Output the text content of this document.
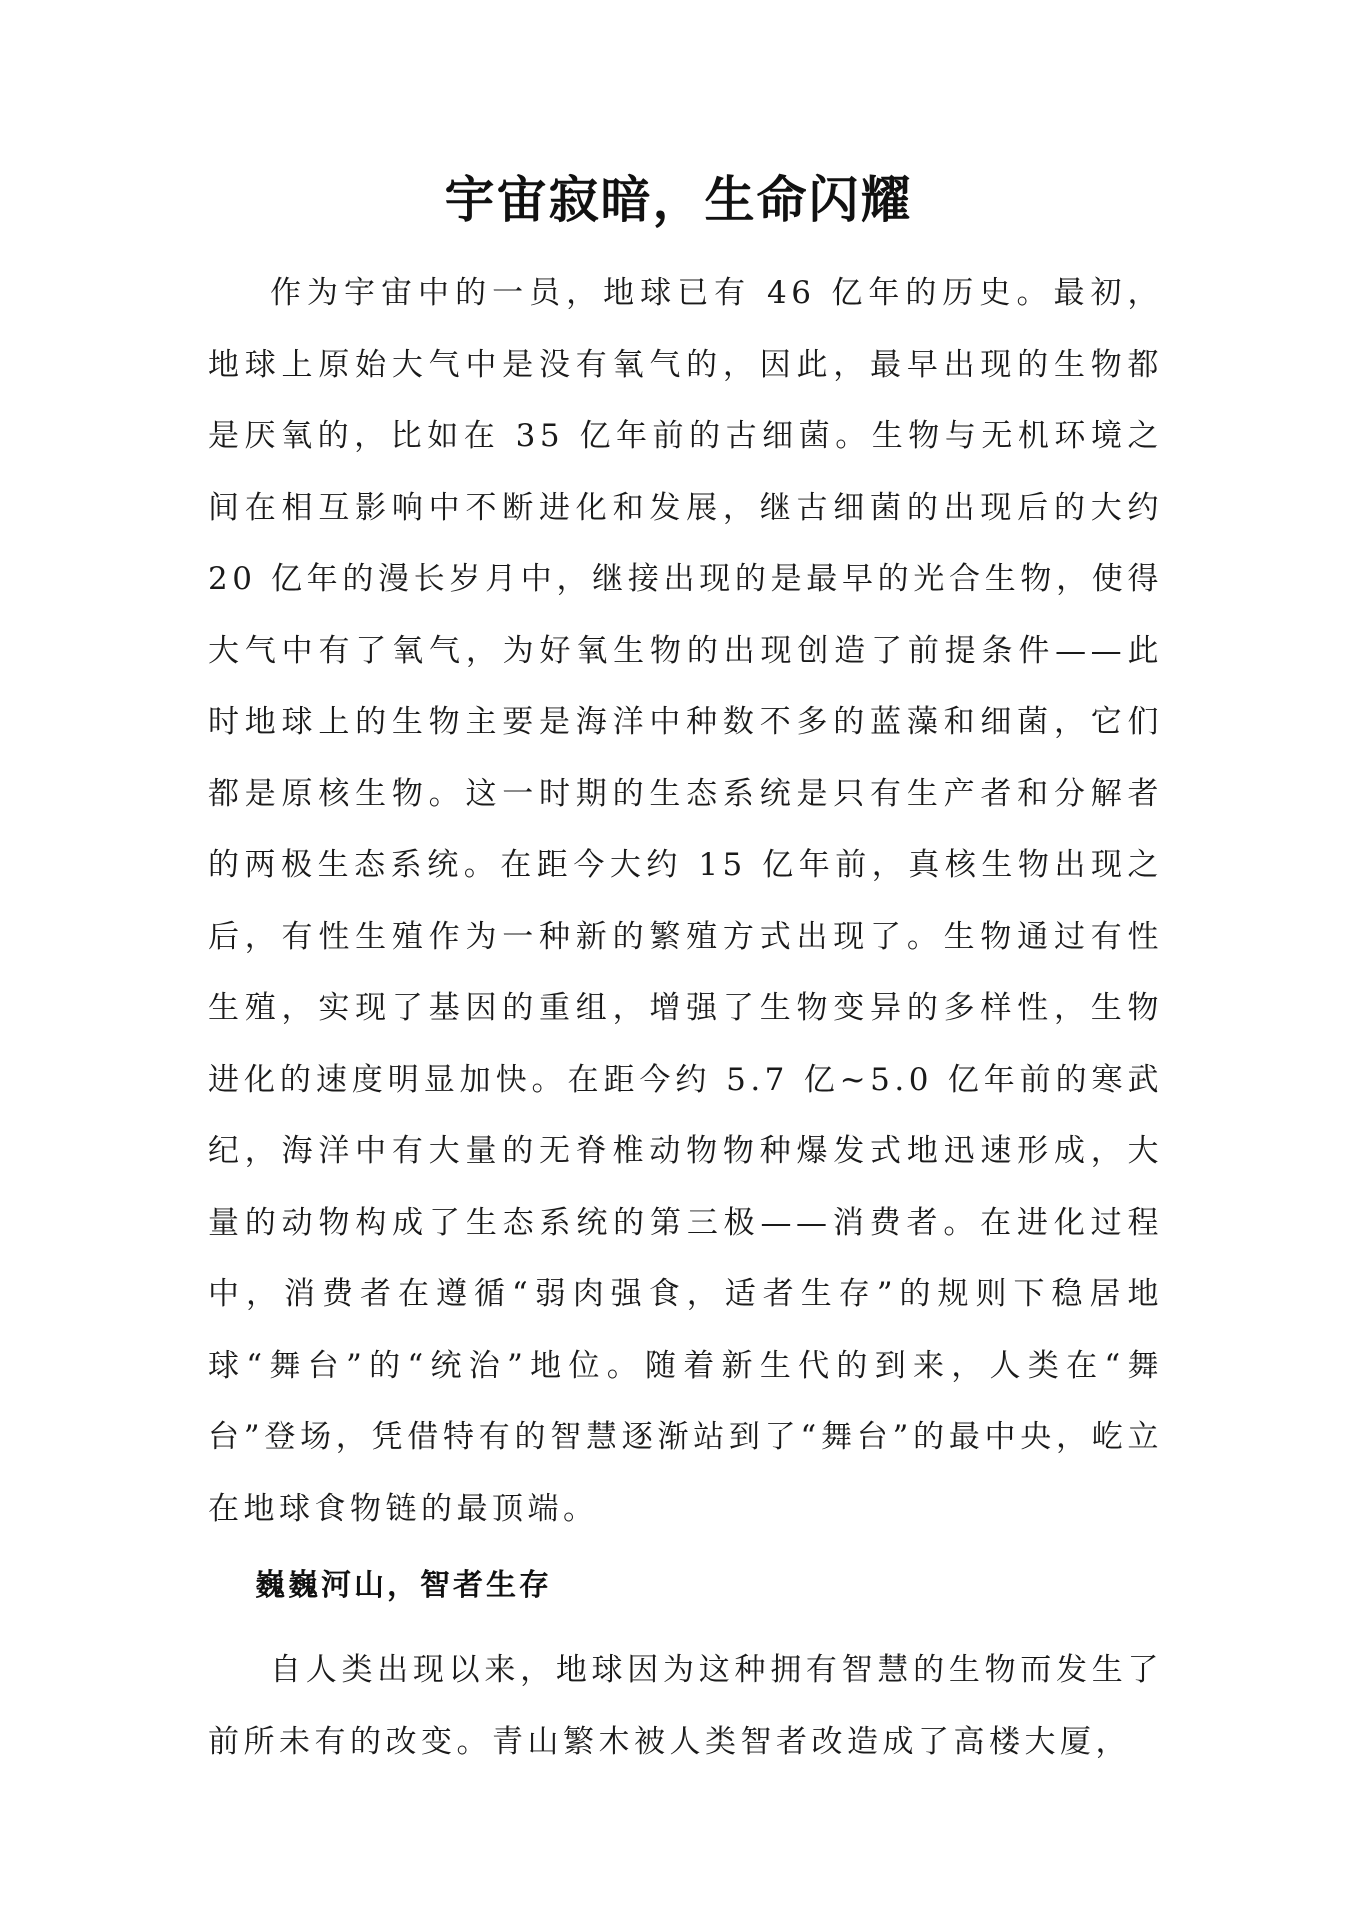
宇宙寂暗，生命闪耀

作为宇宙中的一员，地球已有 46 亿年的历史。最初，地球上原始大气中是没有氧气的，因此，最早出现的生物都是厌氧的，比如在 35 亿年前的古细菌。生物与无机环境之间在相互影响中不断进化和发展，继古细菌的出现后的大约 20 亿年的漫长岁月中，继接出现的是最早的光合生物，使得大气中有了氧气，为好氧生物的出现创造了前提条件——此时地球上的生物主要是海洋中种数不多的蓝藻和细菌，它们都是原核生物。这一时期的生态系统是只有生产者和分解者的两极生态系统。在距今大约 15 亿年前，真核生物出现之后，有性生殖作为一种新的繁殖方式出现了。生物通过有性生殖，实现了基因的重组，增强了生物变异的多样性，生物进化的速度明显加快。在距今约 5.7 亿~5.0 亿年前的寒武纪，海洋中有大量的无脊椎动物物种爆发式地迅速形成，大量的动物构成了生态系统的第三极——消费者。在进化过程中，消费者在遵循“弱肉强食，适者生存”的规则下稳居地球“舞台”的“统治”地位。随着新生代的到来，人类在“舞台”登场，凭借特有的智慧逐渐站到了“舞台”的最中央，屹立在地球食物链的最顶端。

巍巍河山，智者生存

自人类出现以来，地球因为这种拥有智慧的生物而发生了前所未有的改变。青山繁木被人类智者改造成了高楼大厦，
